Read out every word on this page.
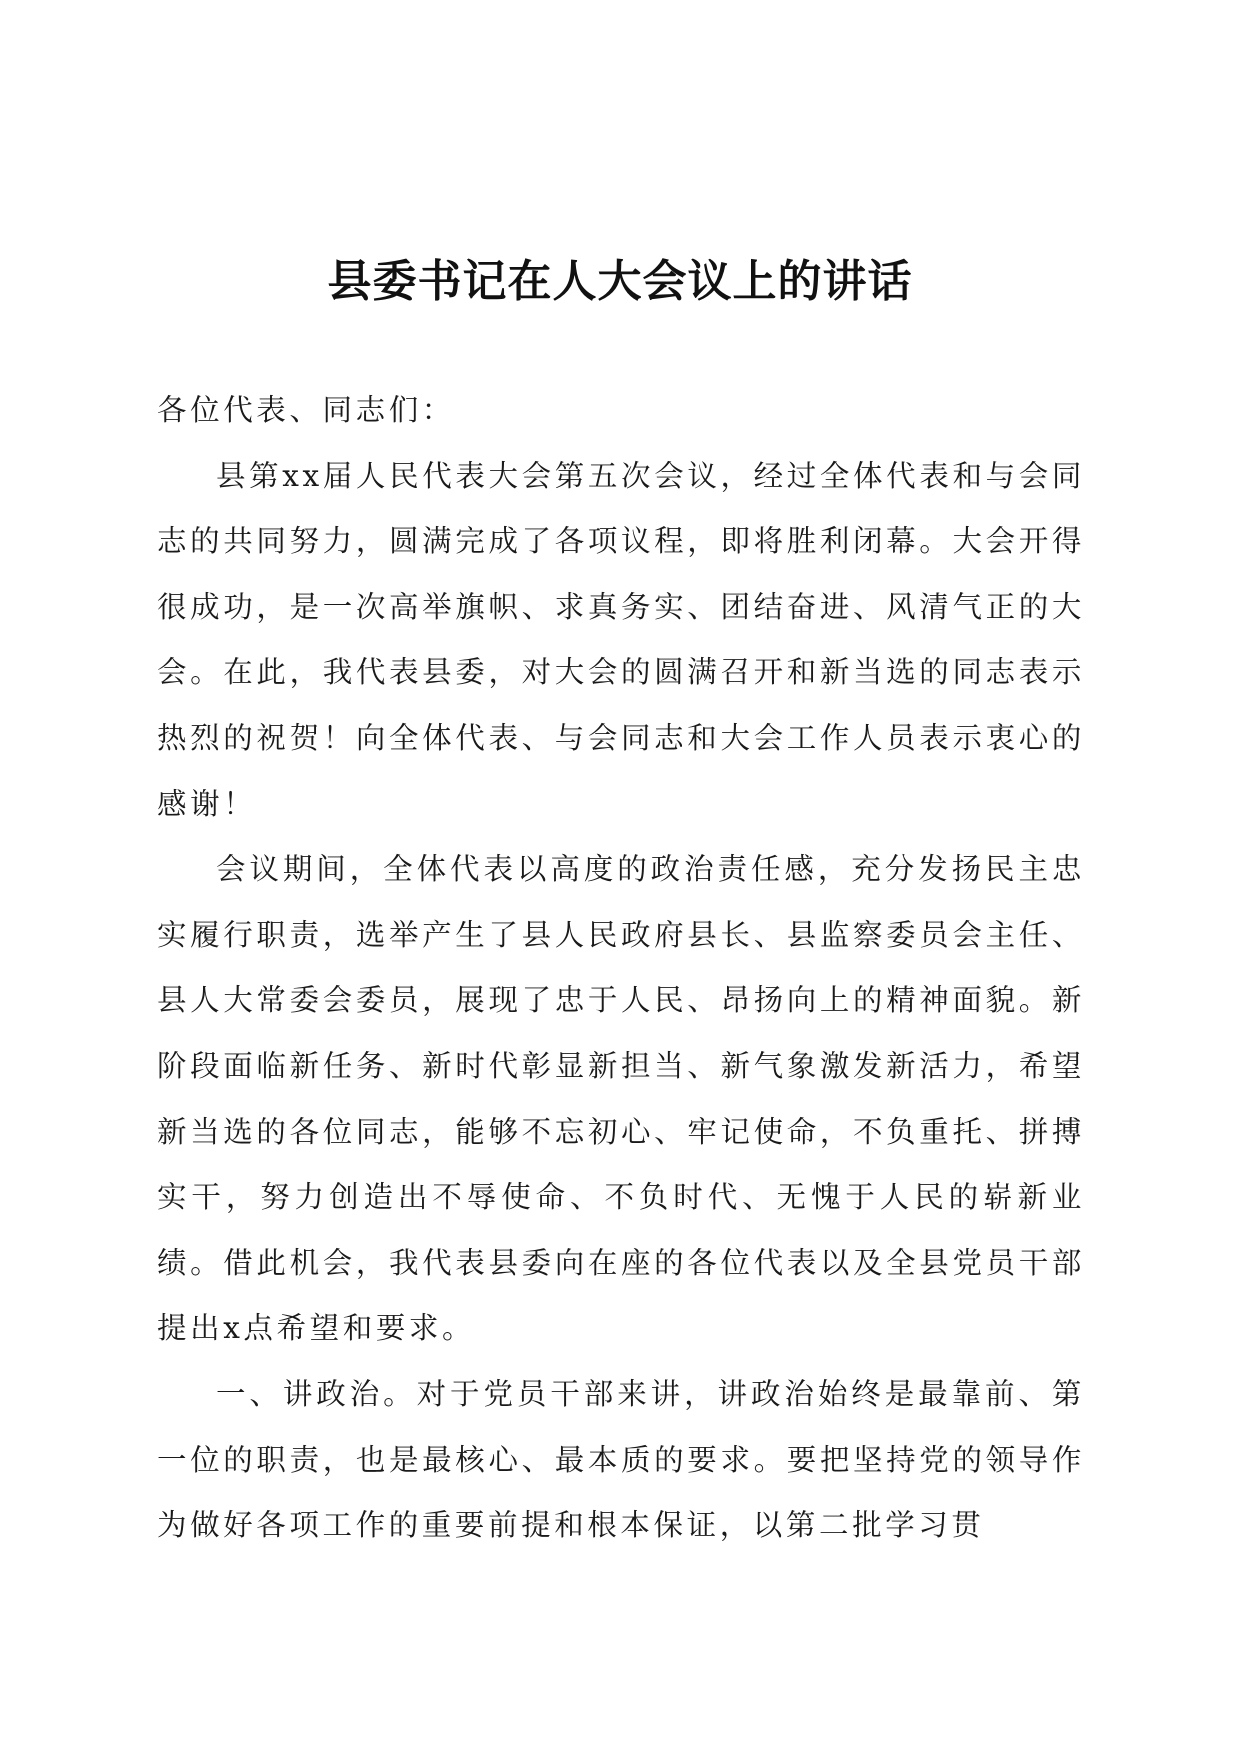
县委书记在人大会议上的讲话

各位代表、同志们：

县第xx届人民代表大会第五次会议，经过全体代表和与会同志的共同努力，圆满完成了各项议程，即将胜利闭幕。大会开得很成功，是一次高举旗帜、求真务实、团结奋进、风清气正的大会。在此，我代表县委，对大会的圆满召开和新当选的同志表示热烈的祝贺！向全体代表、与会同志和大会工作人员表示衷心的感谢！

会议期间，全体代表以高度的政治责任感，充分发扬民主忠实履行职责，选举产生了县人民政府县长、县监察委员会主任、县人大常委会委员，展现了忠于人民、昂扬向上的精神面貌。新阶段面临新任务、新时代彰显新担当、新气象激发新活力，希望新当选的各位同志，能够不忘初心、牢记使命，不负重托、拼搏实干，努力创造出不辱使命、不负时代、无愧于人民的崭新业绩。借此机会，我代表县委向在座的各位代表以及全县党员干部提出x点希望和要求。

一、讲政治。对于党员干部来讲，讲政治始终是最靠前、第一位的职责，也是最核心、最本质的要求。要把坚持党的领导作为做好各项工作的重要前提和根本保证，以第二批学习贯
